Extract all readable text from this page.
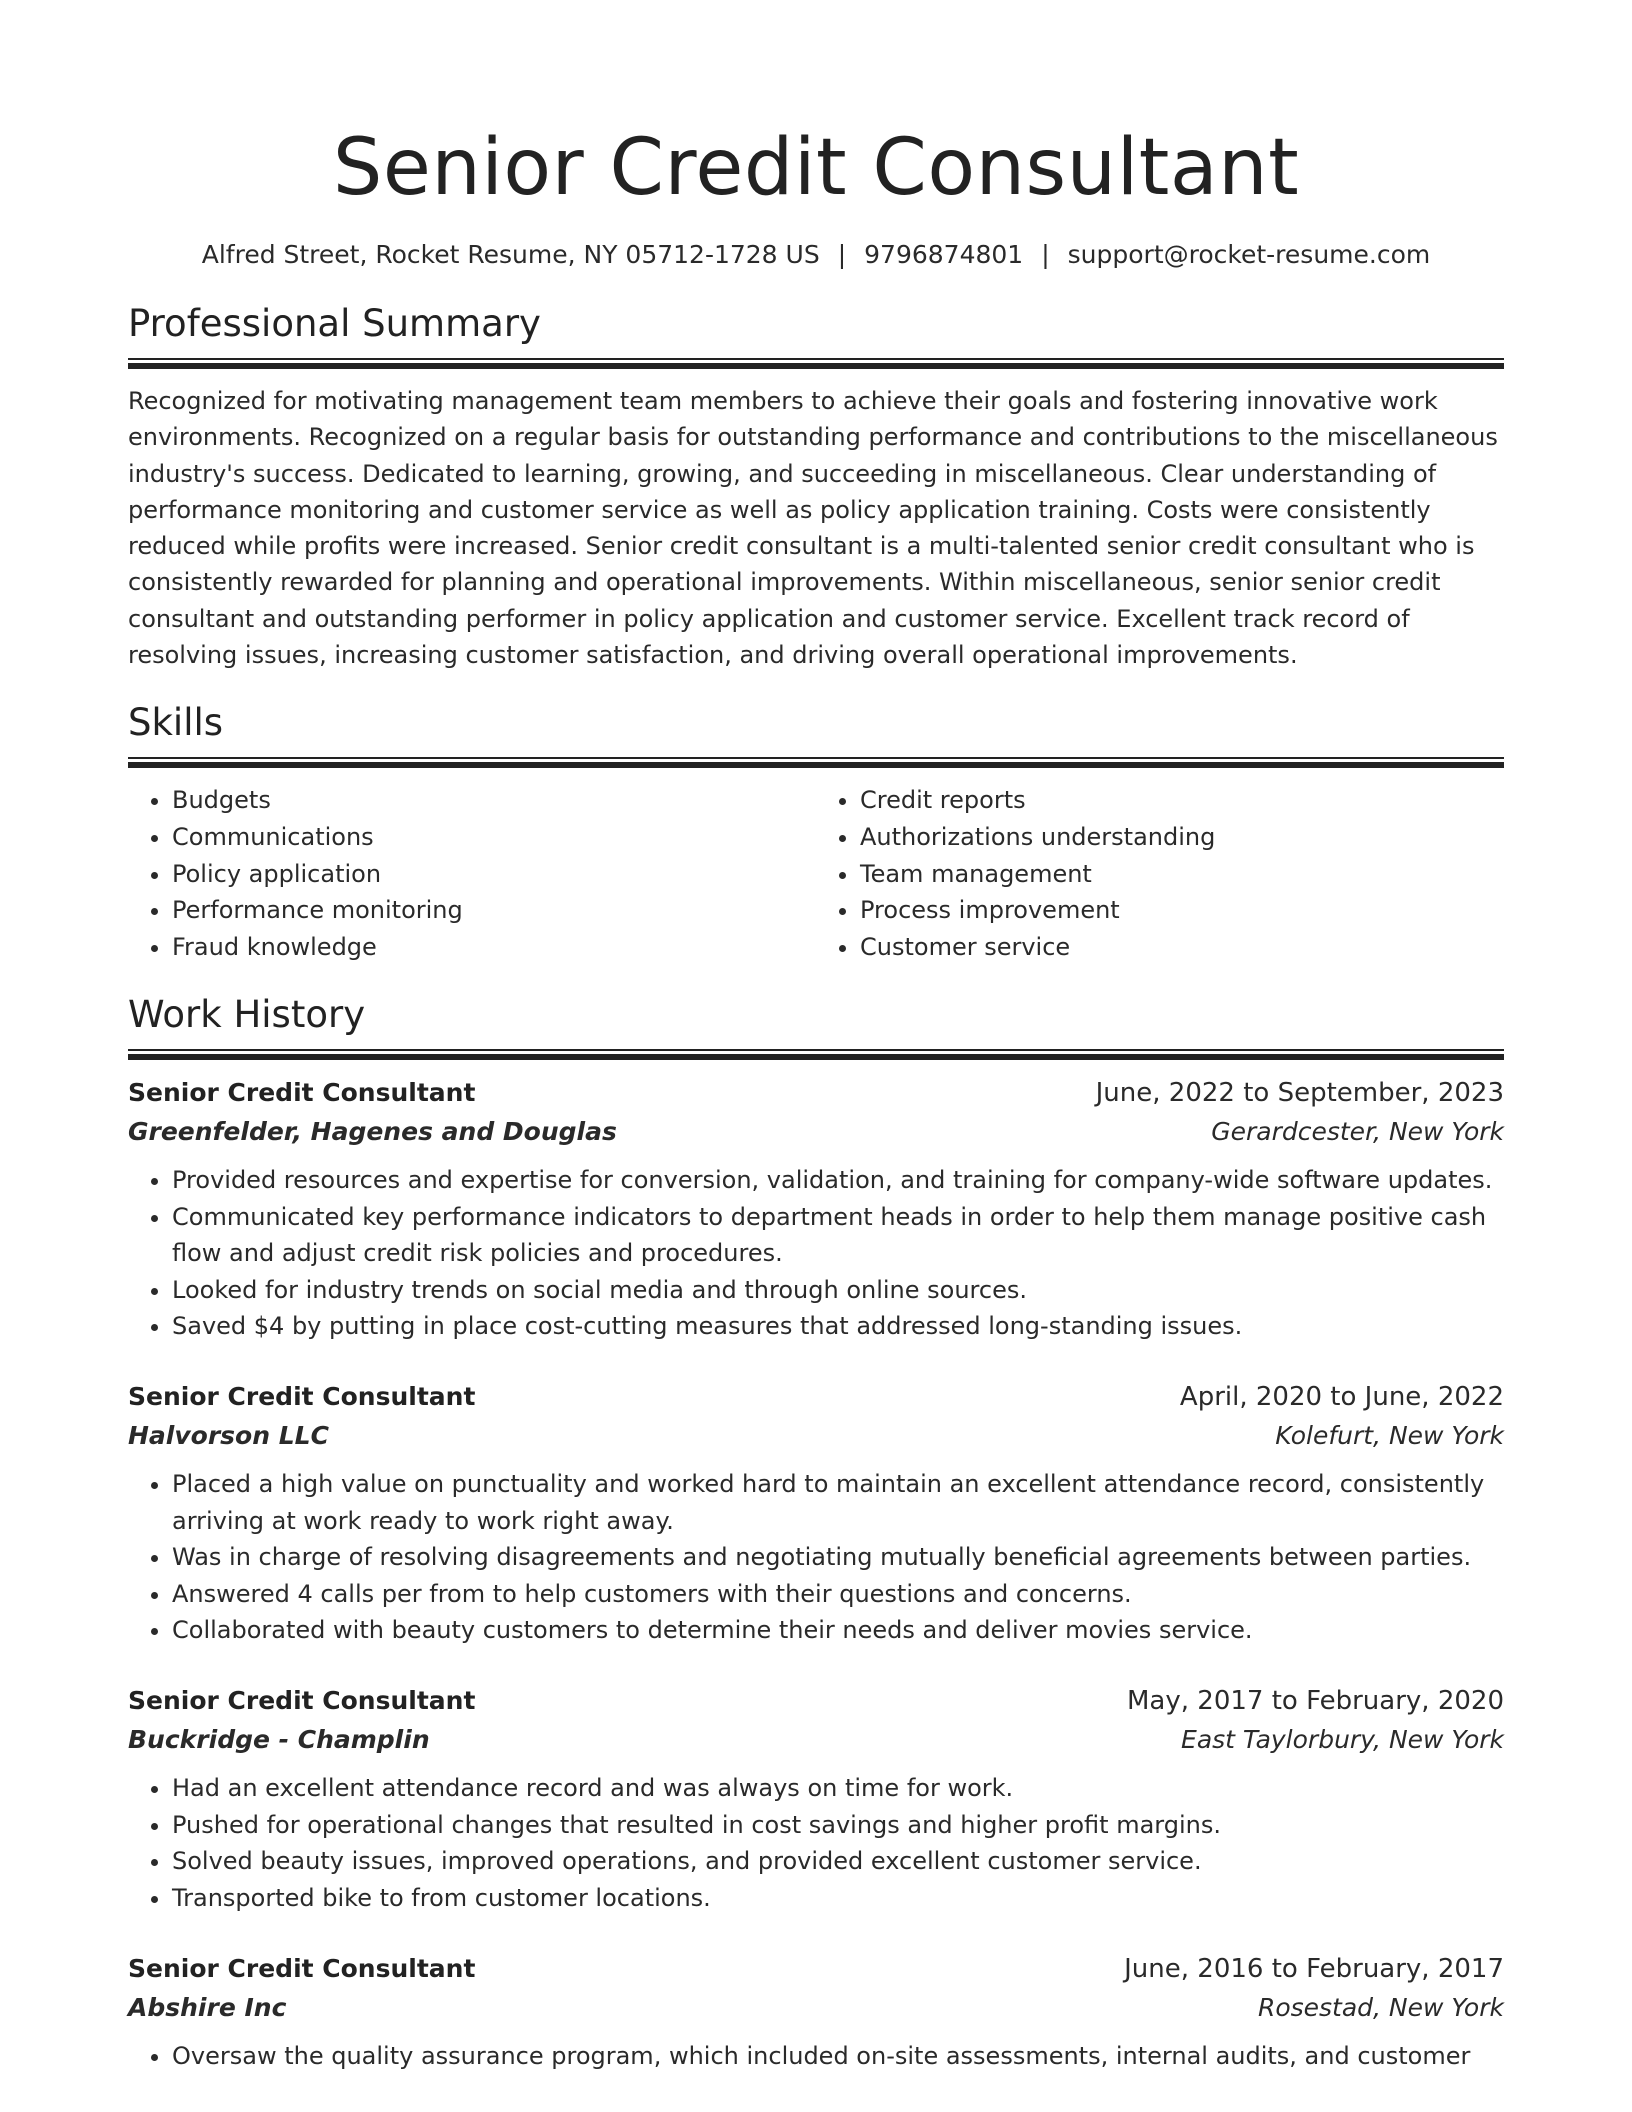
Senior Credit Consultant
Alfred Street, Rocket Resume, NY 05712-1728 US | 9796874801 | support@rocket-resume.com
Professional Summary

Recognized for motivating management team members to achieve their goals and fostering innovative work environments. Recognized on a regular basis for outstanding performance and contributions to the miscellaneous industry's success. Dedicated to learning, growing, and succeeding in miscellaneous. Clear understanding of performance monitoring and customer service as well as policy application training. Costs were consistently reduced while profits were increased. Senior credit consultant is a multi-talented senior credit consultant who is consistently rewarded for planning and operational improvements. Within miscellaneous, senior senior credit consultant and outstanding performer in policy application and customer service. Excellent track record of resolving issues, increasing customer satisfaction, and driving overall operational improvements.

Skills
• Budgets
• Communications
• Policy application
• Performance monitoring
• Fraud knowledge
• Credit reports
• Authorizations understanding
• Team management
• Process improvement
• Customer service
Work History
Senior Credit Consultant	June, 2022 to September, 2023
Greenfelder, Hagenes and Douglas	Gerardcester, New York
• Provided resources and expertise for conversion, validation, and training for company-wide software updates.
• Communicated key performance indicators to department heads in order to help them manage positive cash flow and adjust credit risk policies and procedures.
• Looked for industry trends on social media and through online sources.
• Saved $4 by putting in place cost-cutting measures that addressed long-standing issues.
Senior Credit Consultant	April, 2020 to June, 2022
Halvorson LLC	Kolefurt, New York
• Placed a high value on punctuality and worked hard to maintain an excellent attendance record, consistently arriving at work ready to work right away.
• Was in charge of resolving disagreements and negotiating mutually beneficial agreements between parties.
• Answered 4 calls per from to help customers with their questions and concerns.
• Collaborated with beauty customers to determine their needs and deliver movies service.
Senior Credit Consultant	May, 2017 to February, 2020
Buckridge - Champlin	East Taylorbury, New York
• Had an excellent attendance record and was always on time for work.
• Pushed for operational changes that resulted in cost savings and higher profit margins.
• Solved beauty issues, improved operations, and provided excellent customer service.
• Transported bike to from customer locations.
Senior Credit Consultant	June, 2016 to February, 2017
Abshire Inc	Rosestad, New York
• Oversaw the quality assurance program, which included on-site assessments, internal audits, and customer
